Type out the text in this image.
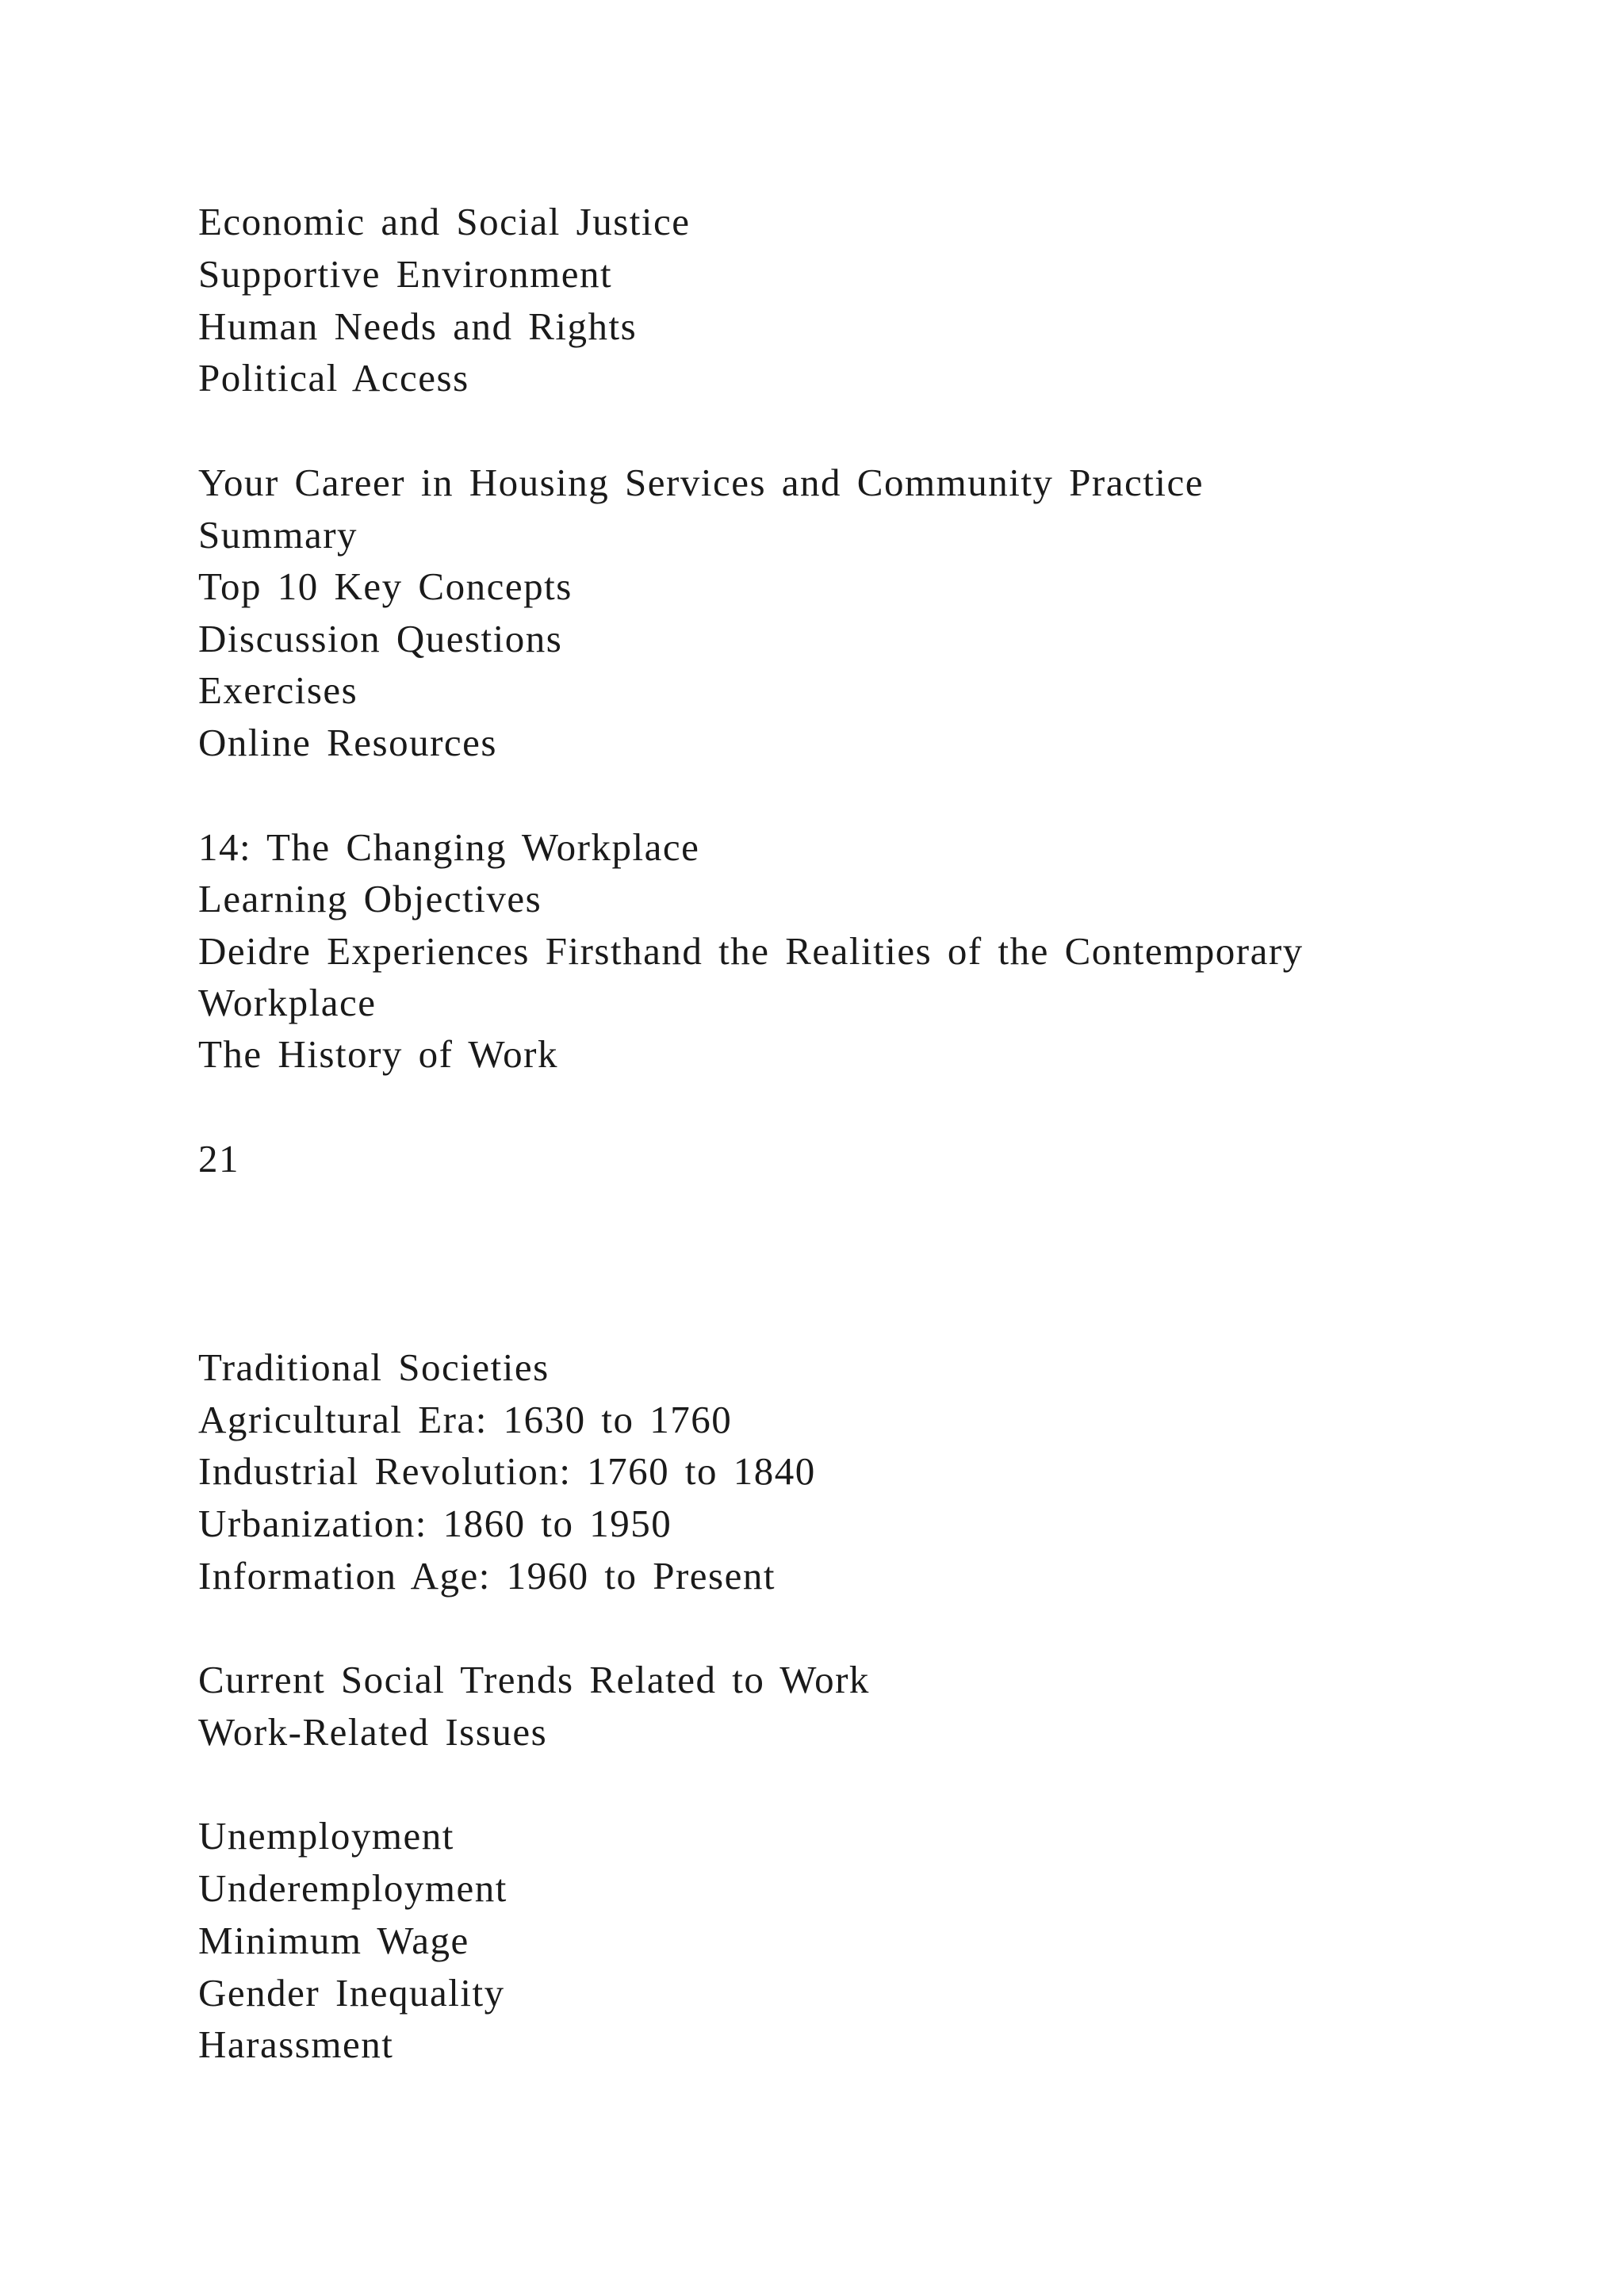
Economic and Social Justice
Supportive Environment
Human Needs and Rights
Political Access
Your Career in Housing Services and Community Practice
Summary
Top 10 Key Concepts
Discussion Questions
Exercises
Online Resources
14: The Changing Workplace
Learning Objectives
Deidre Experiences Firsthand the Realities of the Contemporary
Workplace
The History of Work
21
Traditional Societies
Agricultural Era: 1630 to 1760
Industrial Revolution: 1760 to 1840
Urbanization: 1860 to 1950
Information Age: 1960 to Present
Current Social Trends Related to Work
Work-Related Issues
Unemployment
Underemployment
Minimum Wage
Gender Inequality
Harassment
